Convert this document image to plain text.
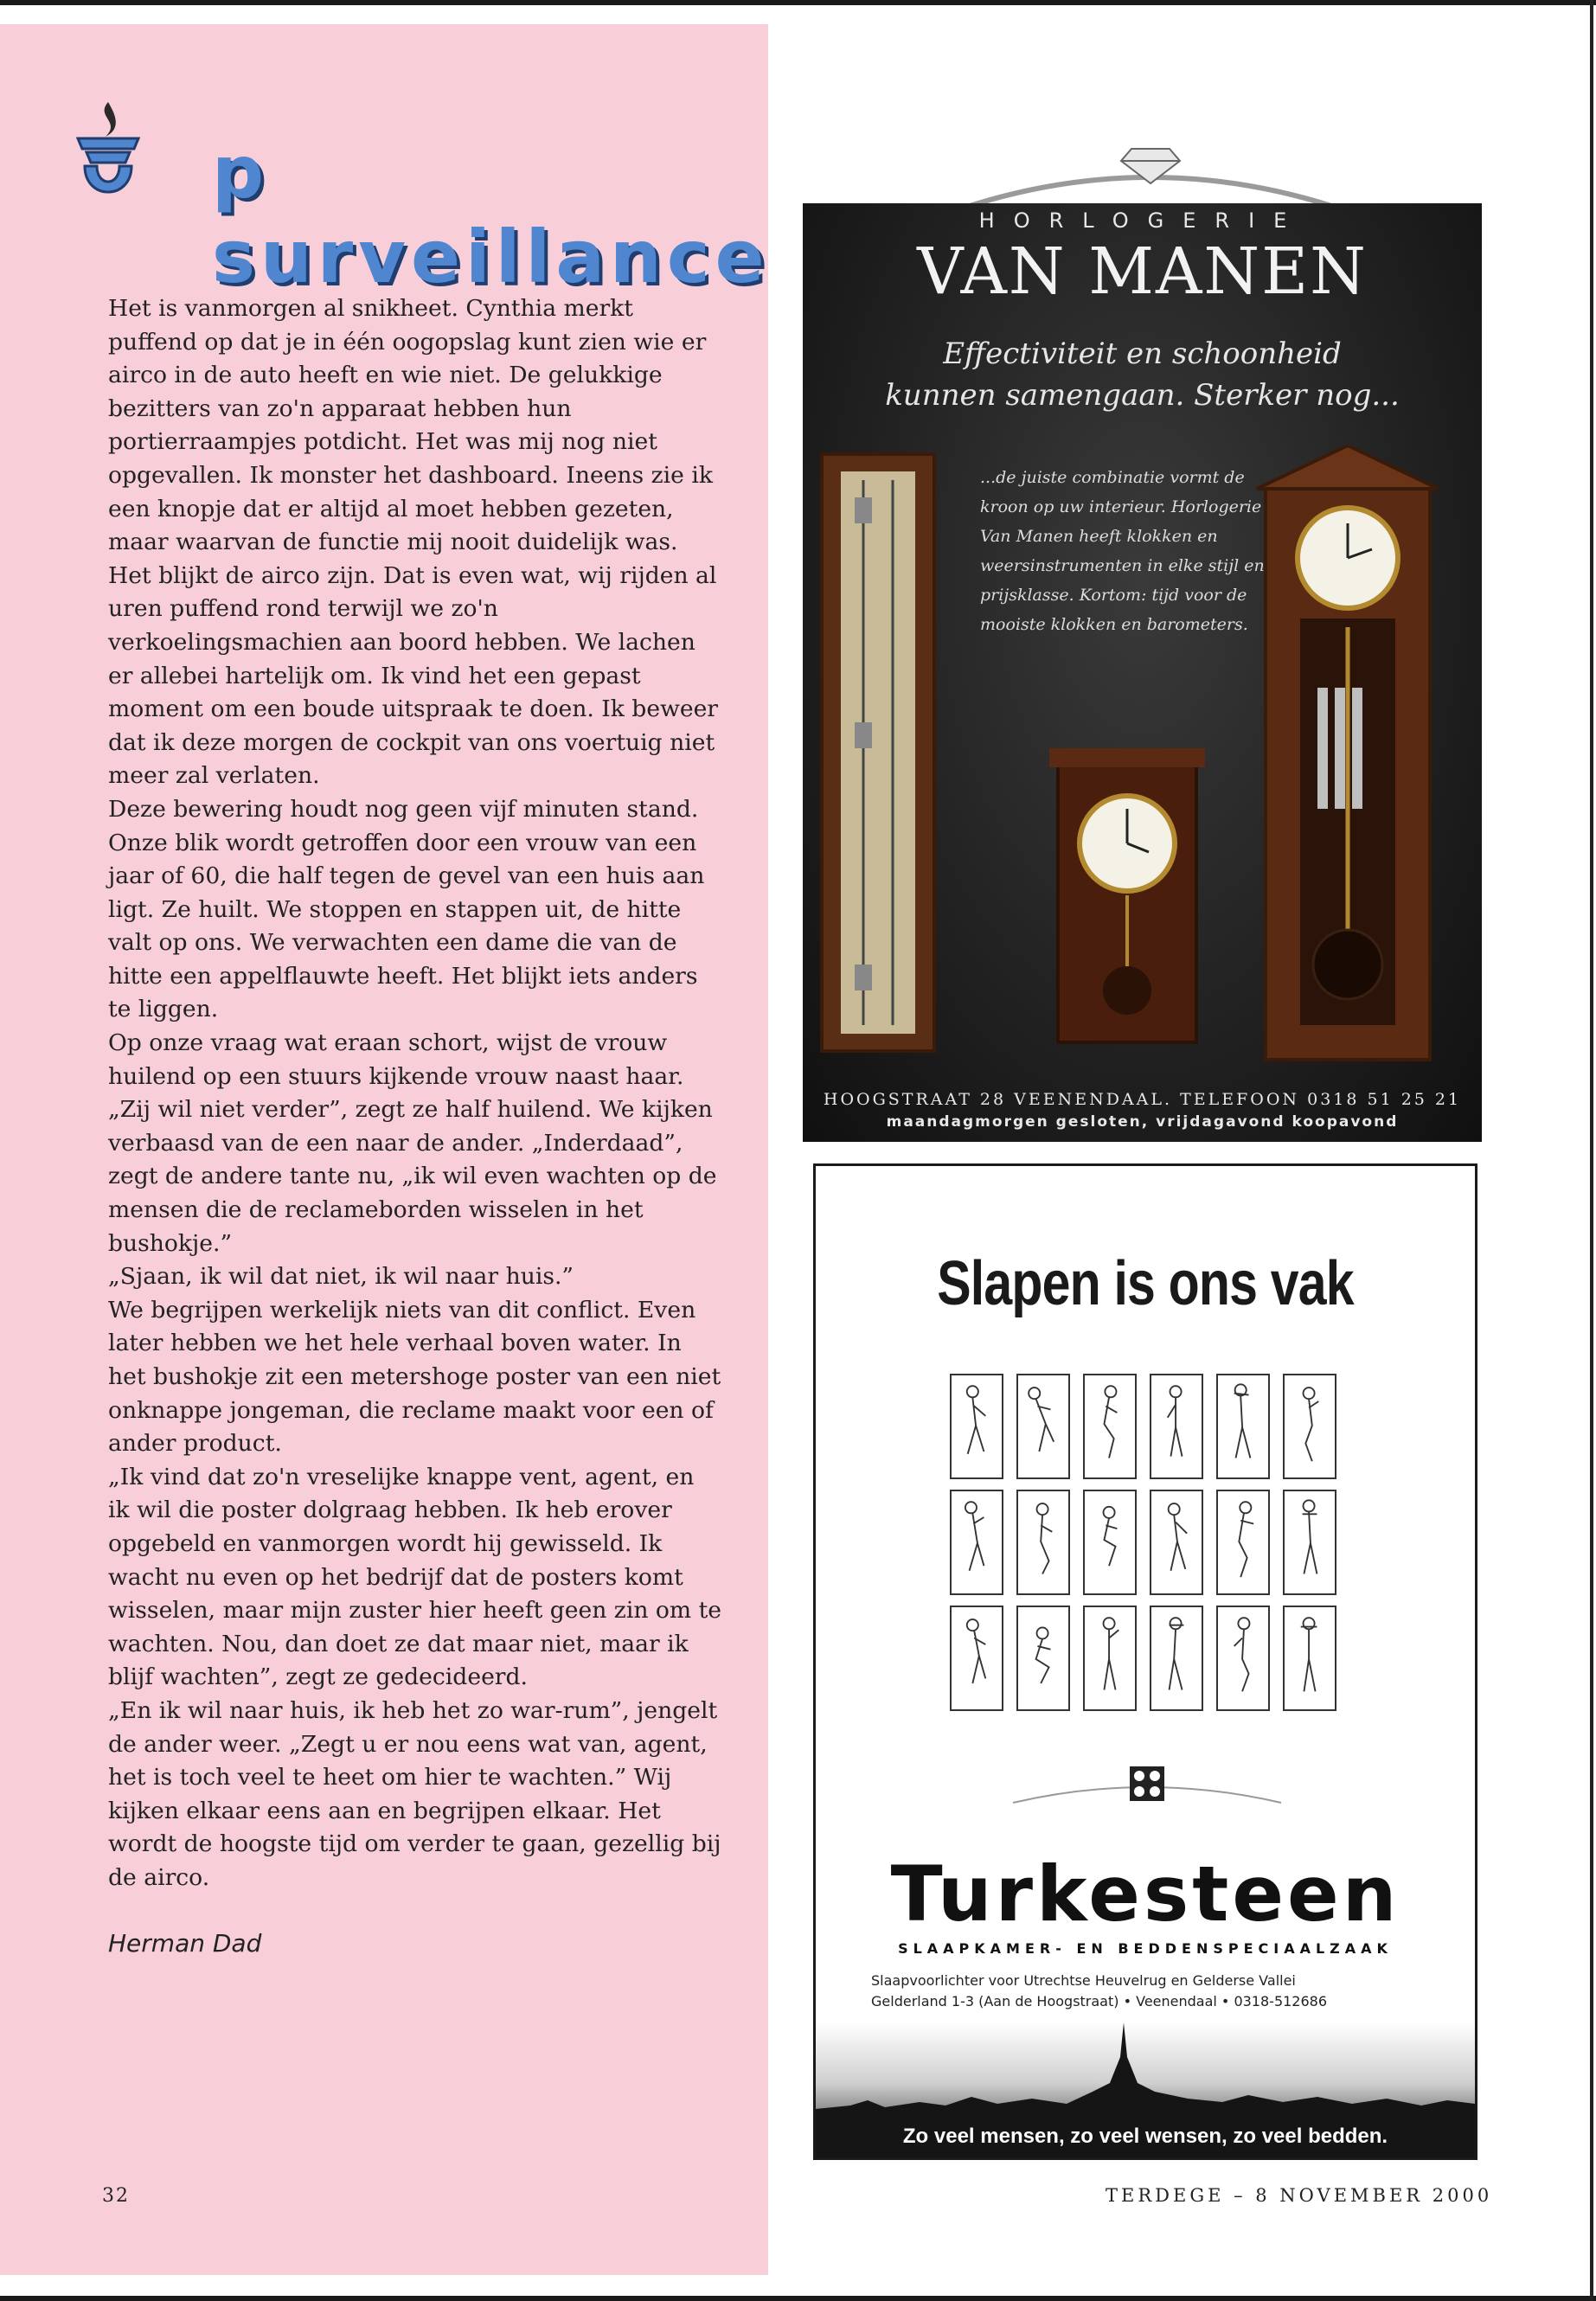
p surveillance

Het is vanmorgen al snikheet. Cynthia merkt puffend op dat je in één oogopslag kunt zien wie er airco in de auto heeft en wie niet. De gelukkige bezitters van zo'n apparaat hebben hun portierraampjes potdicht. Het was mij nog niet opgevallen. Ik monster het dashboard. Ineens zie ik een knopje dat er altijd al moet hebben gezeten, maar waarvan de functie mij nooit duidelijk was. Het blijkt de airco zijn. Dat is even wat, wij rijden al uren puffend rond terwijl we zo'n verkoelingsmachien aan boord hebben. We lachen er allebei hartelijk om. Ik vind het een gepast moment om een boude uitspraak te doen. Ik beweer dat ik deze morgen de cockpit van ons voertuig niet meer zal verlaten.

Deze bewering houdt nog geen vijf minuten stand. Onze blik wordt getroffen door een vrouw van een jaar of 60, die half tegen de gevel van een huis aan ligt. Ze huilt. We stoppen en stappen uit, de hitte valt op ons. We verwachten een dame die van de hitte een appelflauwte heeft. Het blijkt iets anders te liggen.

Op onze vraag wat eraan schort, wijst de vrouw huilend op een stuurs kijkende vrouw naast haar. „Zij wil niet verder”, zegt ze half huilend. We kijken verbaasd van de een naar de ander. „Inderdaad”, zegt de andere tante nu, „ik wil even wachten op de mensen die de reclameborden wisselen in het bushokje.”

„Sjaan, ik wil dat niet, ik wil naar huis.”

We begrijpen werkelijk niets van dit conflict. Even later hebben we het hele verhaal boven water. In het bushokje zit een metershoge poster van een niet onknappe jongeman, die reclame maakt voor een of ander product.

„Ik vind dat zo'n vreselijke knappe vent, agent, en ik wil die poster dolgraag hebben. Ik heb erover opgebeld en vanmorgen wordt hij gewisseld. Ik wacht nu even op het bedrijf dat de posters komt wisselen, maar mijn zuster hier heeft geen zin om te wachten. Nou, dan doet ze dat maar niet, maar ik blijf wachten”, zegt ze gedecideerd.

„En ik wil naar huis, ik heb het zo war-rum”, jengelt de ander weer. „Zegt u er nou eens wat van, agent, het is toch veel te heet om hier te wachten.” Wij kijken elkaar eens aan en begrijpen elkaar. Het wordt de hoogste tijd om verder te gaan, gezellig bij de airco.

Herman Dad
32	TERDEGE – 8 NOVEMBER 2000
HORLOGERIE
VAN MANEN
Effectiviteit en schoonheid
kunnen samengaan. Sterker nog...
...de juiste combinatie vormt de kroon op uw interieur. Horlogerie Van Manen heeft klokken en weersinstrumenten in elke stijl en prijsklasse. Kortom: tijd voor de mooiste klokken en barometers.
HOOGSTRAAT 28 VEENENDAAL. TELEFOON 0318 51 25 21
maandagmorgen gesloten, vrijdagavond koopavond
Slapen is ons vak
Turkesteen
SLAAPKAMER- EN BEDDENSPECIAALZAAK
Slaapvoorlichter voor Utrechtse Heuvelrug en Gelderse Vallei
Gelderland 1-3 (Aan de Hoogstraat) • Veenendaal • 0318-512686
Zo veel mensen, zo veel wensen, zo veel bedden.
